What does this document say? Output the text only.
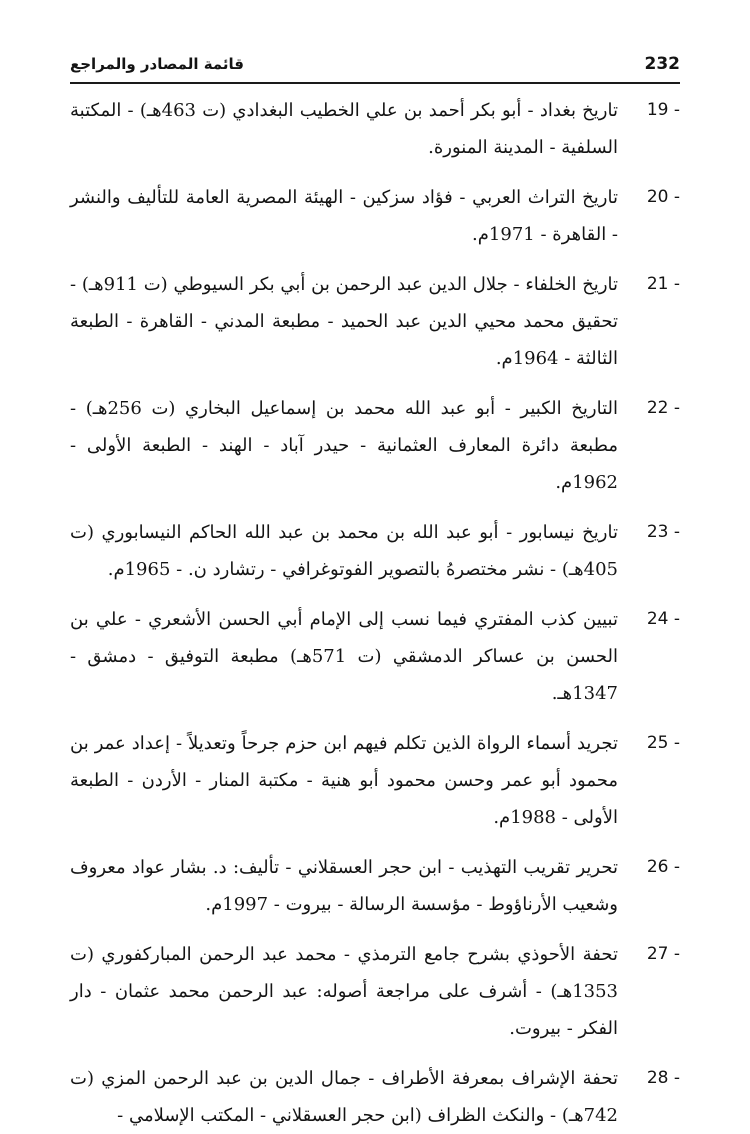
232
قائمة المصادر والمراجع
19 -
تاريخ بغداد - أبو بكر أحمد بن علي الخطيب البغدادي (ت 463هـ) - المكتبة السلفية - المدينة المنورة.
20 -
تاريخ التراث العربي - فؤاد سزكين - الهيئة المصرية العامة للتأليف والنشر - القاهرة - 1971م.
21 -
تاريخ الخلفاء - جلال الدين عبد الرحمن بن أبي بكر السيوطي (ت 911هـ) - تحقيق محمد محيي الدين عبد الحميد - مطبعة المدني - القاهرة - الطبعة الثالثة - 1964م.
22 -
التاريخ الكبير - أبو عبد الله محمد بن إسماعيل البخاري (ت 256هـ) - مطبعة دائرة المعارف العثمانية - حيدر آباد - الهند - الطبعة الأولى - 1962م.
23 -
تاريخ نيسابور - أبو عبد الله بن محمد بن عبد الله الحاكم النيسابوري (ت 405هـ) - نشر مختصرهُ بالتصوير الفوتوغرافي - رتشارد ن. - 1965م.
24 -
تبيين كذب المفتري فيما نسب إلى الإمام أبي الحسن الأشعري - علي بن الحسن بن عساكر الدمشقي (ت 571هـ) مطبعة التوفيق - دمشق - 1347هـ.
25 -
تجريد أسماء الرواة الذين تكلم فيهم ابن حزم جرحاً وتعديلاً - إعداد عمر بن محمود أبو عمر وحسن محمود أبو هنية - مكتبة المنار - الأردن - الطبعة الأولى - 1988م.
26 -
تحرير تقريب التهذيب - ابن حجر العسقلاني - تأليف: د. بشار عواد معروف وشعيب الأرناؤوط - مؤسسة الرسالة - بيروت - 1997م.
27 -
تحفة الأحوذي بشرح جامع الترمذي - محمد عبد الرحمن المباركفوري (ت 1353هـ) - أشرف على مراجعة أصوله: عبد الرحمن محمد عثمان - دار الفكر - بيروت.
28 -
تحفة الإشراف بمعرفة الأطراف - جمال الدين بن عبد الرحمن المزي (ت 742هـ) - والنكث الظراف (ابن حجر العسقلاني - المكتب الإسلامي -
